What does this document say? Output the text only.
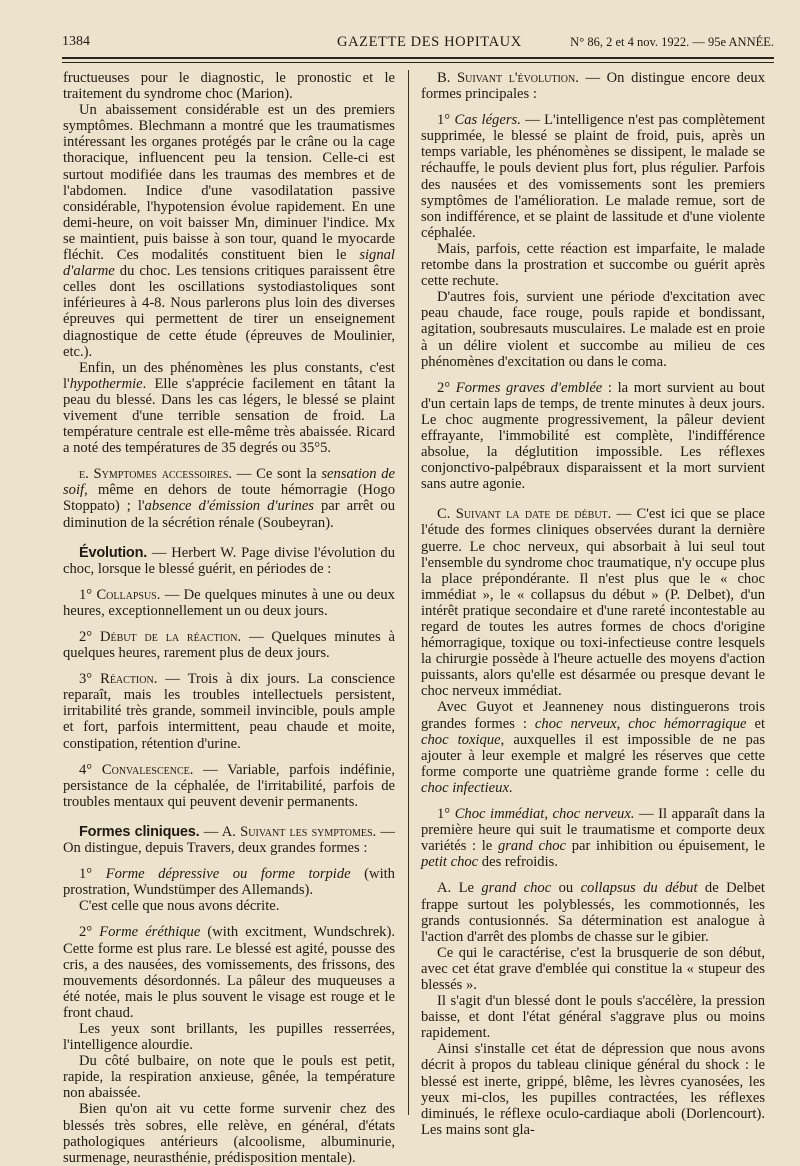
1384	GAZETTE DES HOPITAUX	N° 86, 2 et 4 nov. 1922. — 95e ANNÉE.

fructueuses pour le diagnostic, le pronostic et le traitement du syndrome choc (Marion).

Un abaissement considérable est un des premiers symptômes. Blechmann a montré que les traumatismes intéressant les organes protégés par le crâne ou la cage thoracique, influencent peu la tension. Celle-ci est surtout modifiée dans les traumas des membres et de l'abdomen. Indice d'une vasodilatation passive considérable, l'hypotension évolue rapidement. En une demi-heure, on voit baisser Mn, diminuer l'indice. Mx se maintient, puis baisse à son tour, quand le myocarde fléchit. Ces modalités constituent bien le signal d'alarme du choc. Les tensions critiques paraissent être celles dont les oscillations systodiastoliques sont inférieures à 4-8. Nous parlerons plus loin des diverses épreuves qui permettent de tirer un enseignement diagnostique de cette étude (épreuves de Moulinier, etc.).

Enfin, un des phénomènes les plus constants, c'est l'hypothermie. Elle s'apprécie facilement en tâtant la peau du blessé. Dans les cas légers, le blessé se plaint vivement d'une terrible sensation de froid. La température centrale est elle-même très abaissée. Ricard a noté des températures de 35 degrés ou 35°5.

e. Symptomes accessoires. — Ce sont la sensation de soif, même en dehors de toute hémorragie (Hogo Stoppato) ; l'absence d'émission d'urines par arrêt ou diminution de la sécrétion rénale (Soubeyran).

Évolution. — Herbert W. Page divise l'évolution du choc, lorsque le blessé guérit, en périodes de :

1° Collapsus. — De quelques minutes à une ou deux heures, exceptionnellement un ou deux jours.

2° Début de la réaction. — Quelques minutes à quelques heures, rarement plus de deux jours.

3° Réaction. — Trois à dix jours. La conscience reparaît, mais les troubles intellectuels persistent, irritabilité très grande, sommeil invincible, pouls ample et fort, parfois intermittent, peau chaude et moite, constipation, rétention d'urine.

4° Convalescence. — Variable, parfois indéfinie, persistance de la céphalée, de l'irritabilité, parfois de troubles mentaux qui peuvent devenir permanents.

Formes cliniques. — A. Suivant les symptomes. — On distingue, depuis Travers, deux grandes formes :

1° Forme dépressive ou forme torpide (with prostration, Wundstümper des Allemands).

C'est celle que nous avons décrite.

2° Forme éréthique (with excitment, Wundschrek). Cette forme est plus rare. Le blessé est agité, pousse des cris, a des nausées, des vomissements, des frissons, des mouvements désordonnés. La pâleur des muqueuses a été notée, mais le plus souvent le visage est rouge et le front chaud.

Les yeux sont brillants, les pupilles resserrées, l'intelligence alourdie.

Du côté bulbaire, on note que le pouls est petit, rapide, la respiration anxieuse, gênée, la température non abaissée.

Bien qu'on ait vu cette forme survenir chez des blessés très sobres, elle relève, en général, d'états pathologiques antérieurs (alcoolisme, albuminurie, surmenage, neurasthénie, prédisposition mentale).

B. Suivant l'évolution. — On distingue encore deux formes principales :

1° Cas légers. — L'intelligence n'est pas complètement supprimée, le blessé se plaint de froid, puis, après un temps variable, les phénomènes se dissipent, le malade se réchauffe, le pouls devient plus fort, plus régulier. Parfois des nausées et des vomissements sont les premiers symptômes de l'amélioration. Le malade remue, sort de son indifférence, et se plaint de lassitude et d'une violente céphalée.

Mais, parfois, cette réaction est imparfaite, le malade retombe dans la prostration et succombe ou guérit après cette rechute.

D'autres fois, survient une période d'excitation avec peau chaude, face rouge, pouls rapide et bondissant, agitation, soubresauts musculaires. Le malade est en proie à un délire violent et succombe au milieu de ces phénomènes d'excitation ou dans le coma.

2° Formes graves d'emblée : la mort survient au bout d'un certain laps de temps, de trente minutes à deux jours. Le choc augmente progressivement, la pâleur devient effrayante, l'immobilité est complète, l'indifférence absolue, la déglutition impossible. Les réflexes conjonctivo-palpébraux disparaissent et la mort survient sans autre agonie.

C. Suivant la date de début. — C'est ici que se place l'étude des formes cliniques observées durant la dernière guerre. Le choc nerveux, qui absorbait à lui seul tout l'ensemble du syndrome choc traumatique, n'y occupe plus la place prépondérante. Il n'est plus que le « choc immédiat », le « collapsus du début » (P. Delbet), d'un intérêt pratique secondaire et d'une rareté incontestable au regard de toutes les autres formes de chocs d'origine hémorragique, toxique ou toxi-infectieuse contre lesquels la chirurgie possède à l'heure actuelle des moyens d'action puissants, alors qu'elle est désarmée ou presque devant le choc nerveux immédiat.

Avec Guyot et Jeanneney nous distinguerons trois grandes formes : choc nerveux, choc hémorragique et choc toxique, auxquelles il est impossible de ne pas ajouter à leur exemple et malgré les réserves que cette forme comporte une quatrième grande forme : celle du choc infectieux.

1° Choc immédiat, choc nerveux. — Il apparaît dans la première heure qui suit le traumatisme et comporte deux variétés : le grand choc par inhibition ou épuisement, le petit choc des refroidis.

A. Le grand choc ou collapsus du début de Delbet frappe surtout les polyblessés, les commotionnés, les grands contusionnés. Sa détermination est analogue à l'action d'arrêt des plombs de chasse sur le gibier.

Ce qui le caractérise, c'est la brusquerie de son début, avec cet état grave d'emblée qui constitue la « stupeur des blessés ».

Il s'agit d'un blessé dont le pouls s'accélère, la pression baisse, et dont l'état général s'aggrave plus ou moins rapidement.

Ainsi s'installe cet état de dépression que nous avons décrit à propos du tableau clinique général du shock : le blessé est inerte, grippé, blême, les lèvres cyanosées, les yeux mi-clos, les pupilles contractées, les réflexes diminués, le réflexe oculo-cardiaque aboli (Dorlencourt). Les mains sont gla-
